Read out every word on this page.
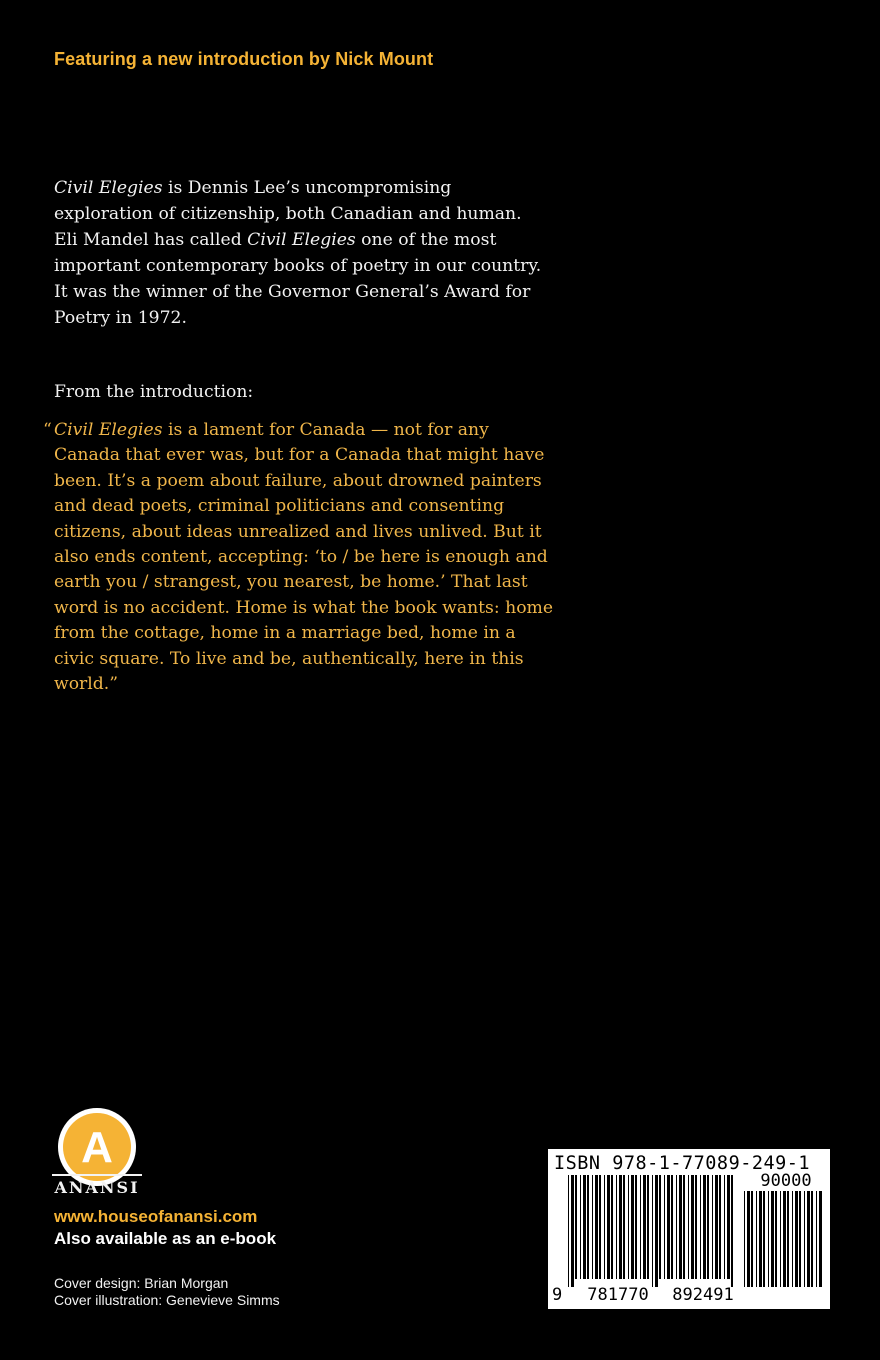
Featuring a new introduction by Nick Mount

Civil Elegies is Dennis Lee’s uncompromising exploration of citizenship, both Canadian and human. Eli Mandel has called Civil Elegies one of the most important contemporary books of poetry in our country. It was the winner of the Governor General’s Award for Poetry in 1972.

From the introduction:
“ Civil Elegies is a lament for Canada — not for any Canada that ever was, but for a Canada that might have been. It’s a poem about failure, about drowned painters and dead poets, criminal politicians and consenting citizens, about ideas unrealized and lives unlived. But it also ends content, accepting: ‘to / be here is enough and earth you / strangest, you nearest, be home.’ That last word is no accident. Home is what the book wants: home from the cottage, home in a marriage bed, home in a civic square. To live and be, authentically, here in this world.”

A
ANANSI
www.houseofanansi.com
Also available as an e-book
Cover design: Brian Morgan
Cover illustration: Genevieve Simms
ISBN 978-1-77089-249-1
9 781770 892491
90000
